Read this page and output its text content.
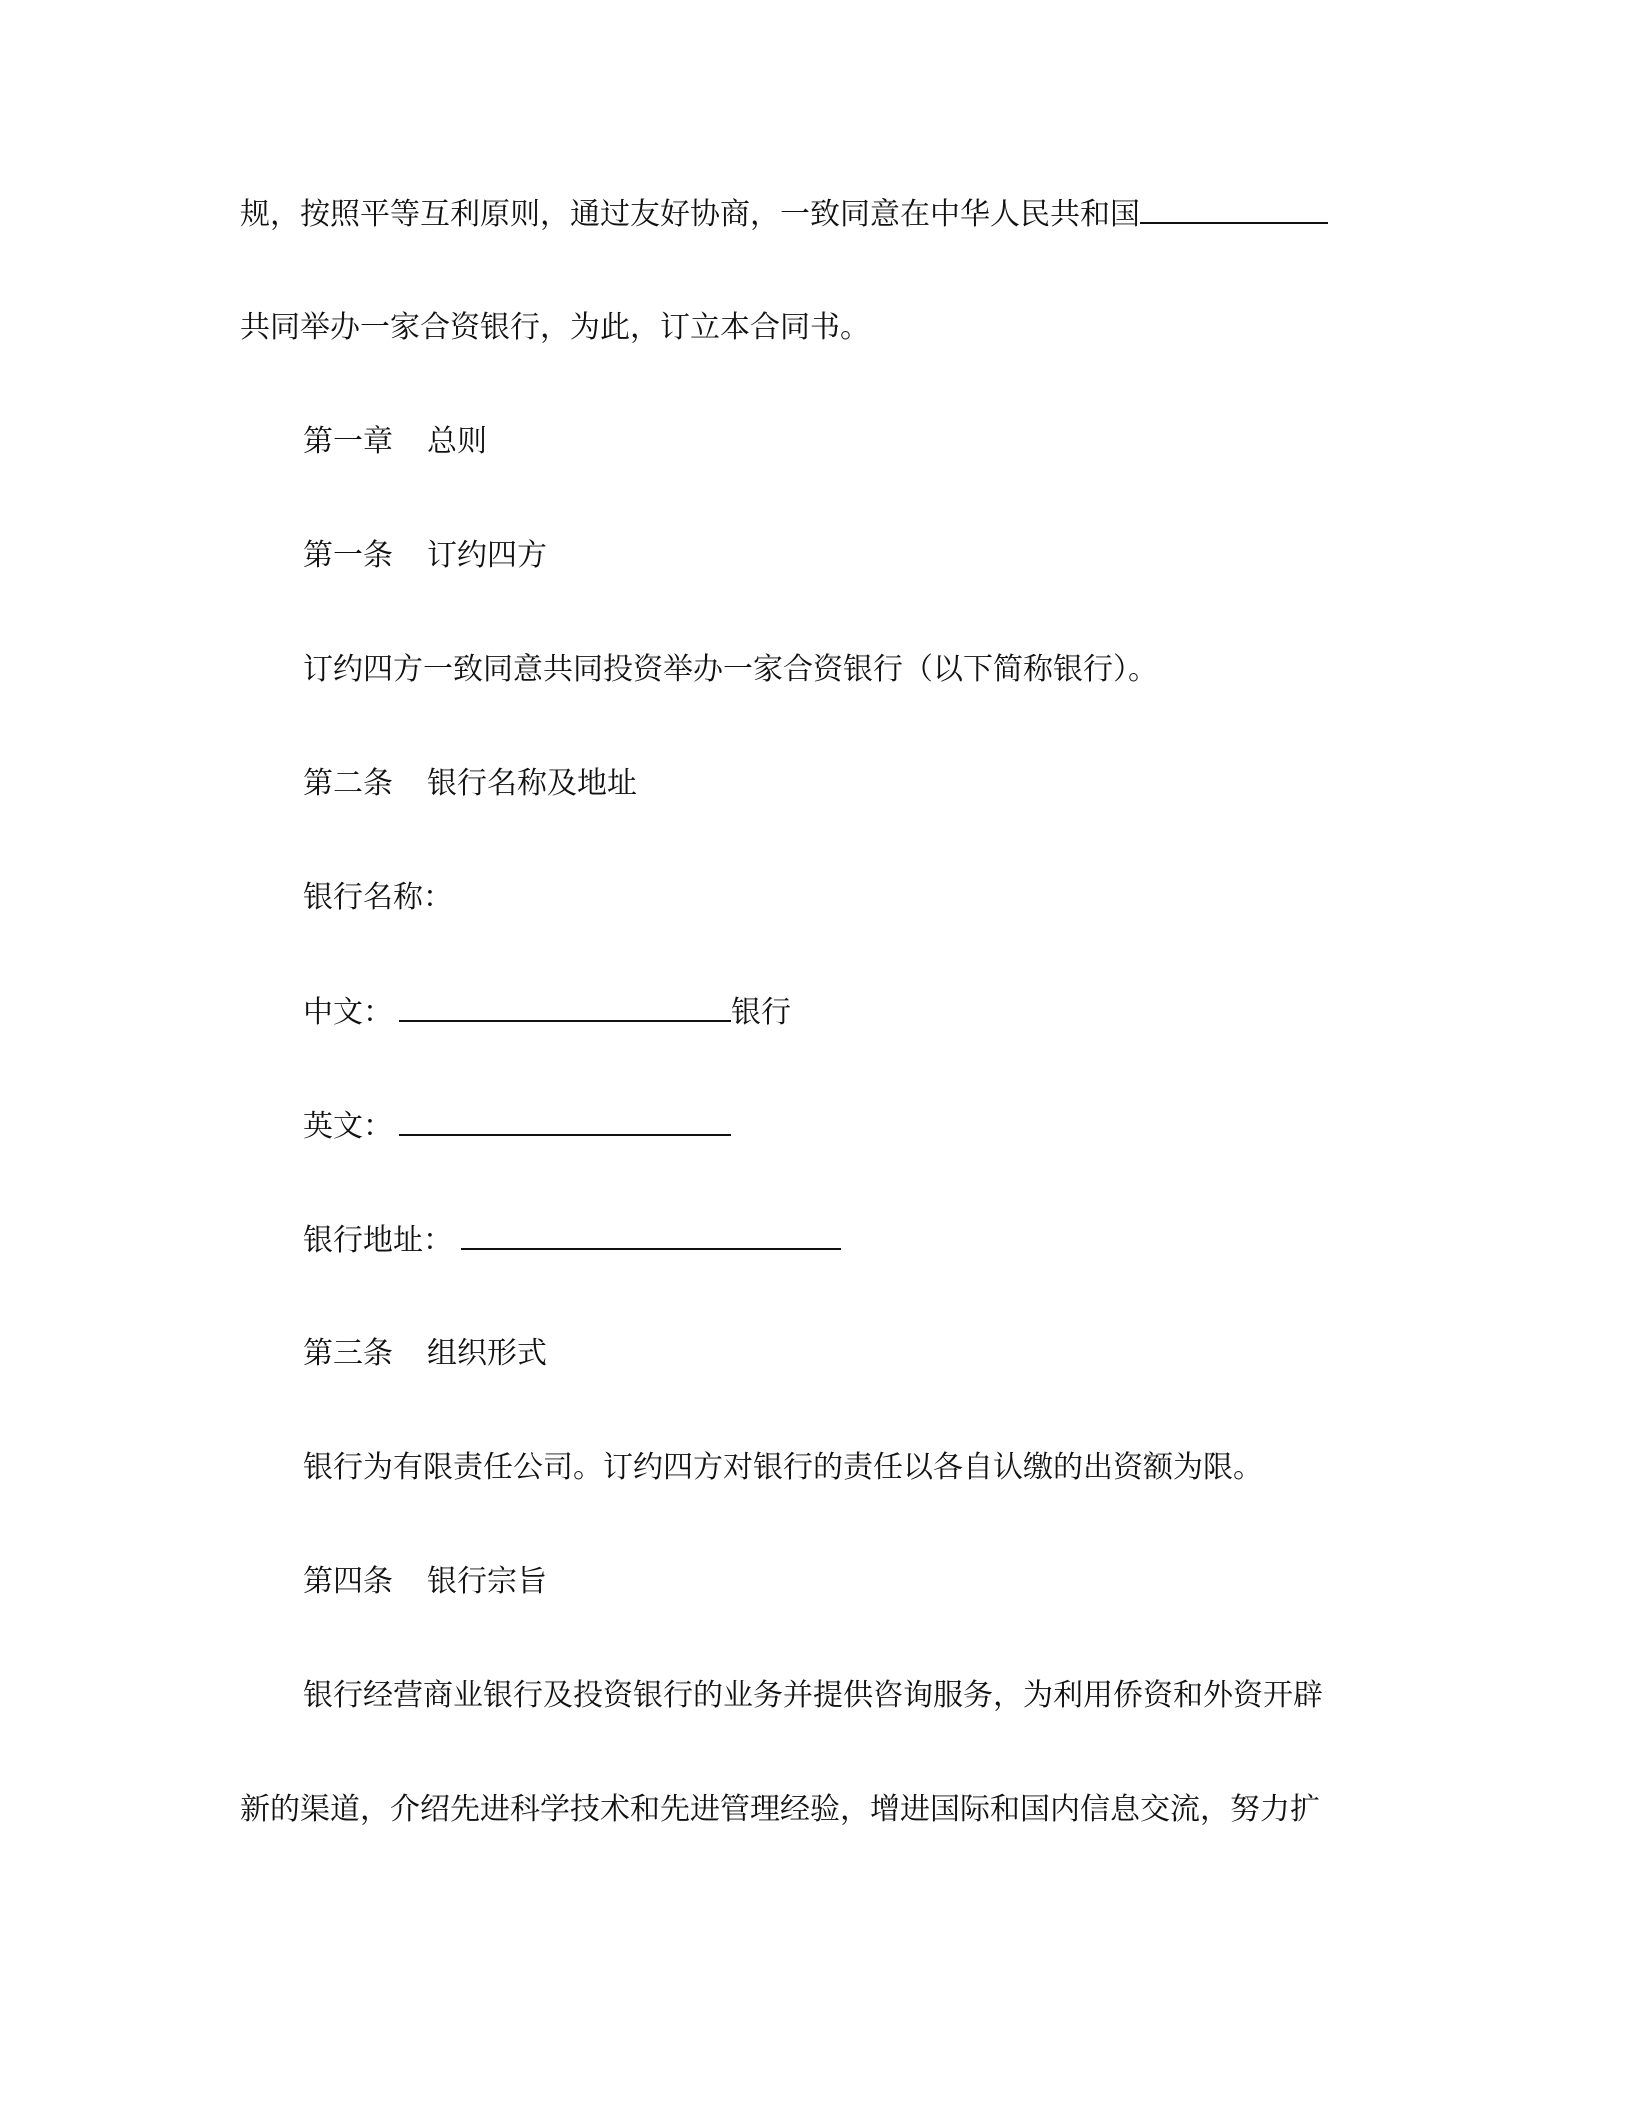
规，按照平等互利原则，通过友好协商，一致同意在中华人民共和国
共同举办一家合资银行，为此，订立本合同书。
第一章 总则
第一条 订约四方
订约四方一致同意共同投资举办一家合资银行（以下简称银行）。
第二条 银行名称及地址
银行名称：
中文：	银行
英文：
银行地址：
第三条 组织形式
银行为有限责任公司。订约四方对银行的责任以各自认缴的出资额为限。
第四条 银行宗旨
银行经营商业银行及投资银行的业务并提供咨询服务，为利用侨资和外资开辟
新的渠道，介绍先进科学技术和先进管理经验，增进国际和国内信息交流，努力扩
